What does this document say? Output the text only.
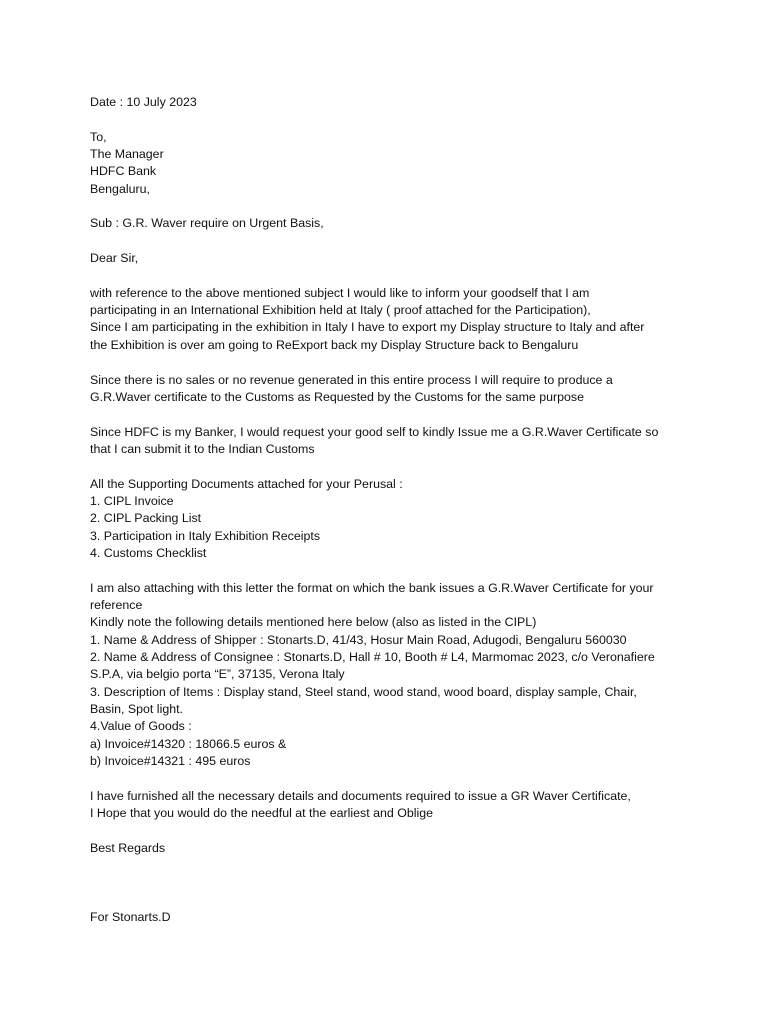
Date : 10 July 2023
To,
The Manager
HDFC Bank
Bengaluru,
Sub : G.R. Waver require on Urgent Basis,
Dear Sir,
with reference to the above mentioned subject I would like to inform your goodself that I am
participating in an International Exhibition held at Italy ( proof attached for the Participation),
Since I am participating in the exhibition in Italy I have to export my Display structure to Italy and after
the Exhibition is over am going to ReExport back my Display Structure back to Bengaluru
Since there is no sales or no revenue generated in this entire process I will require to produce a
G.R.Waver certificate to the Customs as Requested by the Customs for the same purpose
Since HDFC is my Banker, I would request your good self to kindly Issue me a G.R.Waver Certificate so
that I can submit it to the Indian Customs
All the Supporting Documents attached for your Perusal :
1. CIPL Invoice
2. CIPL Packing List
3. Participation in Italy Exhibition Receipts
4. Customs Checklist
I am also attaching with this letter the format on which the bank issues a G.R.Waver Certificate for your
reference
Kindly note the following details mentioned here below (also as listed in the CIPL)
1. Name & Address of Shipper : Stonarts.D, 41/43, Hosur Main Road, Adugodi, Bengaluru 560030
2. Name & Address of Consignee : Stonarts.D, Hall # 10, Booth # L4, Marmomac 2023, c/o Veronafiere
S.P.A, via belgio porta “E”, 37135, Verona Italy
3. Description of Items : Display stand, Steel stand, wood stand, wood board, display sample, Chair,
Basin, Spot light.
4.Value of Goods :
a) Invoice#14320 : 18066.5 euros &
b) Invoice#14321 : 495 euros
I have furnished all the necessary details and documents required to issue a GR Waver Certificate,
I Hope that you would do the needful at the earliest and Oblige
Best Regards
For Stonarts.D
